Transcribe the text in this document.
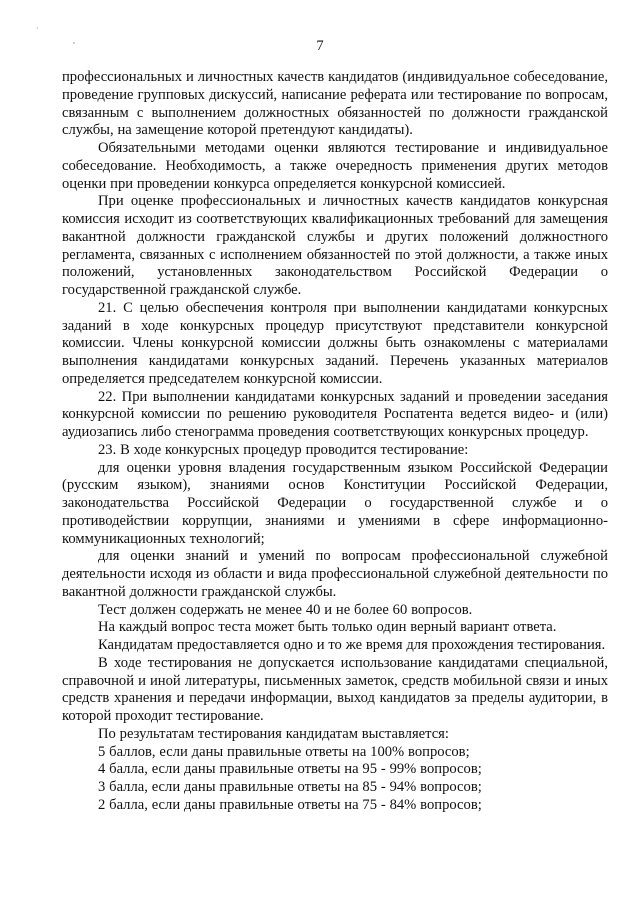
·
,	7

профессиональных и личностных качеств кандидатов (индивидуальное собеседование, проведение групповых дискуссий, написание реферата или тестирование по вопросам, связанным с выполнением должностных обязанностей по должности гражданской службы, на замещение которой претендуют кандидаты).

Обязательными методами оценки являются тестирование и индивидуальное собеседование. Необходимость, а также очередность применения других методов оценки при проведении конкурса определяется конкурсной комиссией.

При оценке профессиональных и личностных качеств кандидатов конкурсная комиссия исходит из соответствующих квалификационных требований для замещения вакантной должности гражданской службы и других положений должностного регламента, связанных с исполнением обязанностей по этой должности, а также иных положений, установленных законодательством Российской Федерации о государственной гражданской службе.

21. С целью обеспечения контроля при выполнении кандидатами конкурсных заданий в ходе конкурсных процедур присутствуют представители конкурсной комиссии. Члены конкурсной комиссии должны быть ознакомлены с материалами выполнения кандидатами конкурсных заданий. Перечень указанных материалов определяется председателем конкурсной комиссии.

22. При выполнении кандидатами конкурсных заданий и проведении заседания конкурсной комиссии по решению руководителя Роспатента ведется видео- и (или) аудиозапись либо стенограмма проведения соответствующих конкурсных процедур.

23. В ходе конкурсных процедур проводится тестирование:

для оценки уровня владения государственным языком Российской Федерации (русским языком), знаниями основ Конституции Российской Федерации, законодательства Российской Федерации о государственной службе и о противодействии коррупции, знаниями и умениями в сфере информационно-коммуникационных технологий;

для оценки знаний и умений по вопросам профессиональной служебной деятельности исходя из области и вида профессиональной служебной деятельности по вакантной должности гражданской службы.

Тест должен содержать не менее 40 и не более 60 вопросов.

На каждый вопрос теста может быть только один верный вариант ответа.

Кандидатам предоставляется одно и то же время для прохождения тестирования.

В ходе тестирования не допускается использование кандидатами специальной, справочной и иной литературы, письменных заметок, средств мобильной связи и иных средств хранения и передачи информации, выход кандидатов за пределы аудитории, в которой проходит тестирование.

По результатам тестирования кандидатам выставляется:

5 баллов, если даны правильные ответы на 100% вопросов;

4 балла, если даны правильные ответы на 95 - 99% вопросов;

3 балла, если даны правильные ответы на 85 - 94% вопросов;

2 балла, если даны правильные ответы на 75 - 84% вопросов;
